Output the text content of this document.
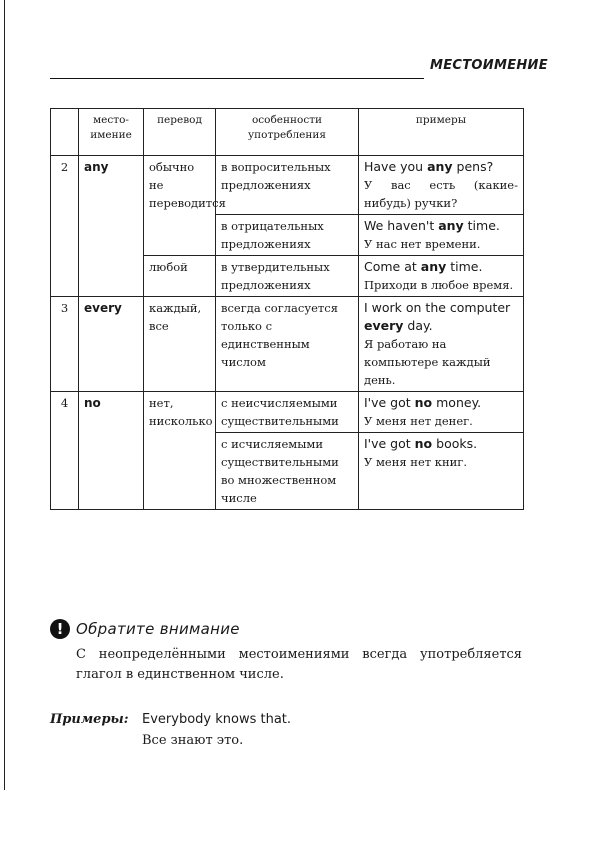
МЕСТОИМЕНИЕ
	место-имение	перевод	особенности употребления	примеры
2	any	обычно не переводится	в вопросительных предложениях	Have you any pens?
У вас есть (какие-нибудь) ручки?

			в отрицательных предложениях	We haven't any time.
У нас нет времени.

		любой	в утвердительных предложениях	Come at any time.
Приходи в любое время.

3	every	каждый, все	всегда согласуется только с единственным числом	I work on the computer every day.
Я работаю на компьютере каждый день.

4	no	нет, нисколько	с неисчисляемыми существительными	I've got no money.
У меня нет денег.

			с исчисляемыми существительными во множественном числе	I've got no books.
У меня нет книг.
! Обратите внимание
С неопределёнными местоимениями всегда употребляется глагол в единственном числе.
Примеры: Everybody knows that.
Все знают это.
